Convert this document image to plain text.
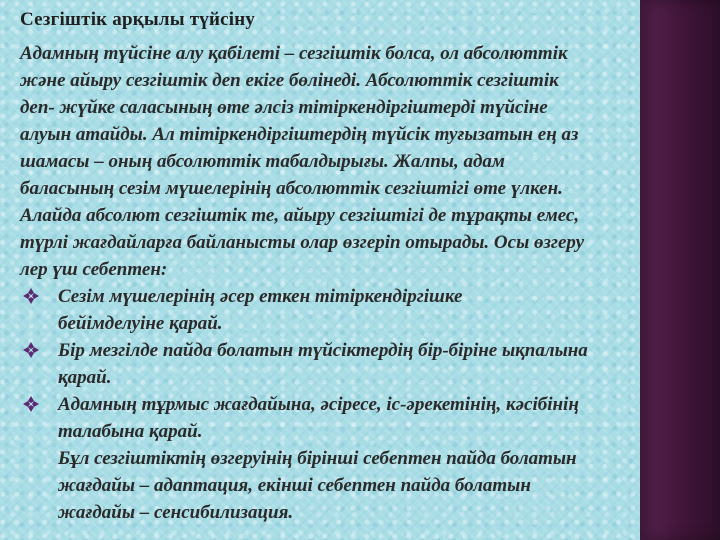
Сезгіштік арқылы түйсіну

Адамның түйсіне алу қабілеті – сезгіштік болса, ол абсолюттік
және айыру сезгіштік деп екіге бөлінеді. Абсолюттік сезгіштік
деп- жүйке саласының өте әлсіз тітіркендіргіштерді түйсіне
алуын атайды. Ал тітіркендіргіштердің түйсік туғызатын ең аз
шамасы – оның абсолюттік табалдырығы. Жалпы, адам
баласының сезім мүшелерінің абсолюттік сезгіштігі өте үлкен.
Алайда абсолют сезгіштік те, айыру сезгіштігі де тұрақты емес,
түрлі жағдайларға байланысты олар өзгеріп отырады. Осы өзгеру
лер үш себептен:

Сезім мүшелерінің әсер еткен тітіркендіргішке
бейімделуіне қарай.
Бір мезгілде пайда болатын түйсіктердің бір-біріне ықпалына
қарай.
Адамның тұрмыс жағдайына, әсіресе, іс-әрекетінің, кәсібінің
талабына қарай.

Бұл сезгіштіктің өзгеруінің біріншi себептен пайда болатын
жағдайы – адаптация, екінші себептен пайда болатын
жағдайы – сенсибилизация.
